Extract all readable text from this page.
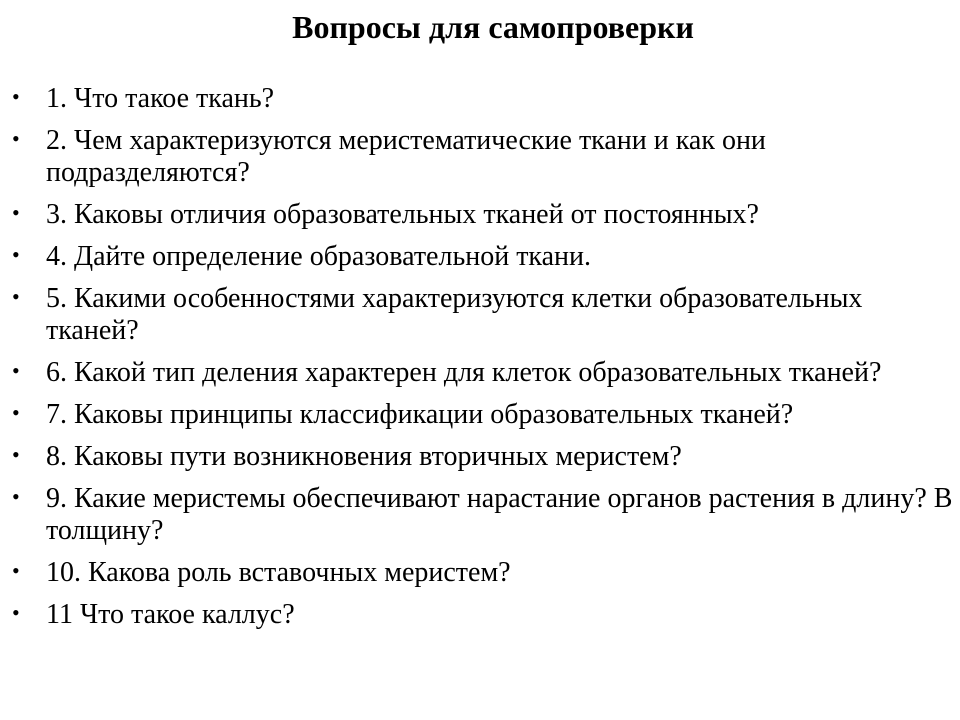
Вопросы для самопроверки
• 1. Что такое ткань?
• 2. Чем характеризуются меристематические ткани и как они подразделяются?
• 3. Каковы отличия образовательных тканей от постоянных?
• 4. Дайте определение образовательной ткани.
• 5. Какими особенностями характеризуются клетки образовательных тканей?
• 6. Какой тип деления характерен для клеток образовательных тканей?
• 7. Каковы принципы классификации образовательных тканей?
• 8. Каковы пути возникновения вторичных меристем?
• 9. Какие меристемы обеспечивают нарастание органов растения в длину? В толщину?
• 10. Какова роль вставочных меристем?
• 11 Что такое каллус?
